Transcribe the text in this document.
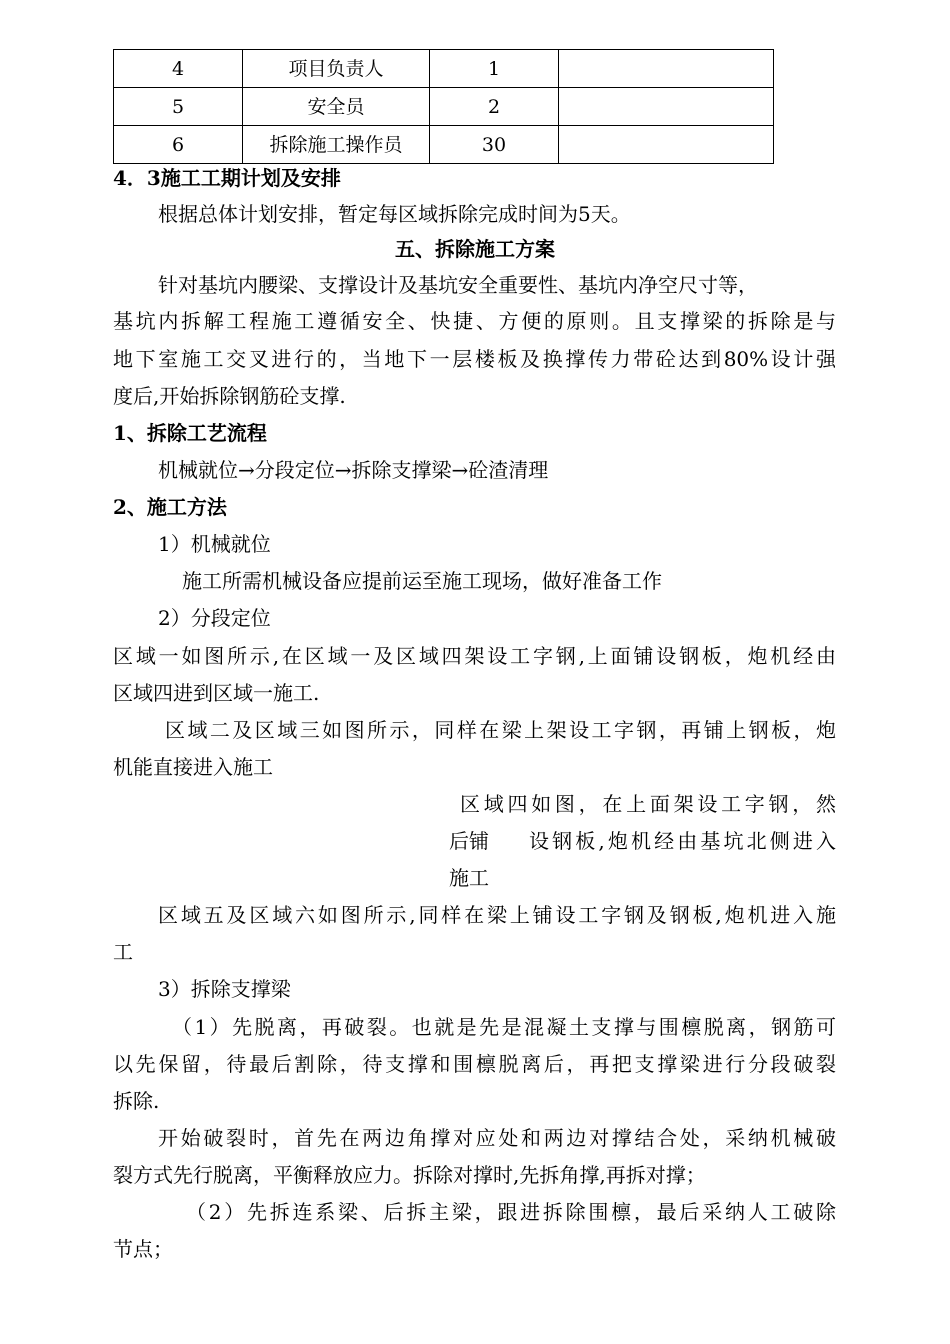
4	项目负责人	1	
5	安全员	2	
6	拆除施工操作员	30	
4．3施工工期计划及安排
根据总体计划安排，暂定每区域拆除完成时间为5天。
五、拆除施工方案
针对基坑内腰梁、支撑设计及基坑安全重要性、基坑内净空尺寸等，
基坑内拆解工程施工遵循安全、快捷、方便的原则。且支撑梁的拆除是与
地下室施工交叉进行的，当地下一层楼板及换撑传力带砼达到80%设计强
度后,开始拆除钢筋砼支撑.
1、拆除工艺流程
机械就位→分段定位→拆除支撑梁→砼渣清理
2、施工方法
1）机械就位
施工所需机械设备应提前运至施工现场，做好准备工作
2）分段定位
区域一如图所示,在区域一及区域四架设工字钢,上面铺设钢板，炮机经由
区域四进到区域一施工.
区域二及区域三如图所示，同样在梁上架设工字钢，再铺上钢板，炮
机能直接进入施工
区域四如图，在上面架设工字钢，然
后铺 设钢板,炮机经由基坑北侧进入
施工
区域五及区域六如图所示,同样在梁上铺设工字钢及钢板,炮机进入施
工
3）拆除支撑梁
（1）先脱离，再破裂。也就是先是混凝土支撑与围檩脱离，钢筋可
以先保留，待最后割除，待支撑和围檩脱离后，再把支撑梁进行分段破裂
拆除.
开始破裂时，首先在两边角撑对应处和两边对撑结合处，采纳机械破
裂方式先行脱离，平衡释放应力。拆除对撑时,先拆角撑,再拆对撑；
（2）先拆连系梁、后拆主梁，跟进拆除围檩，最后采纳人工破除
节点；
